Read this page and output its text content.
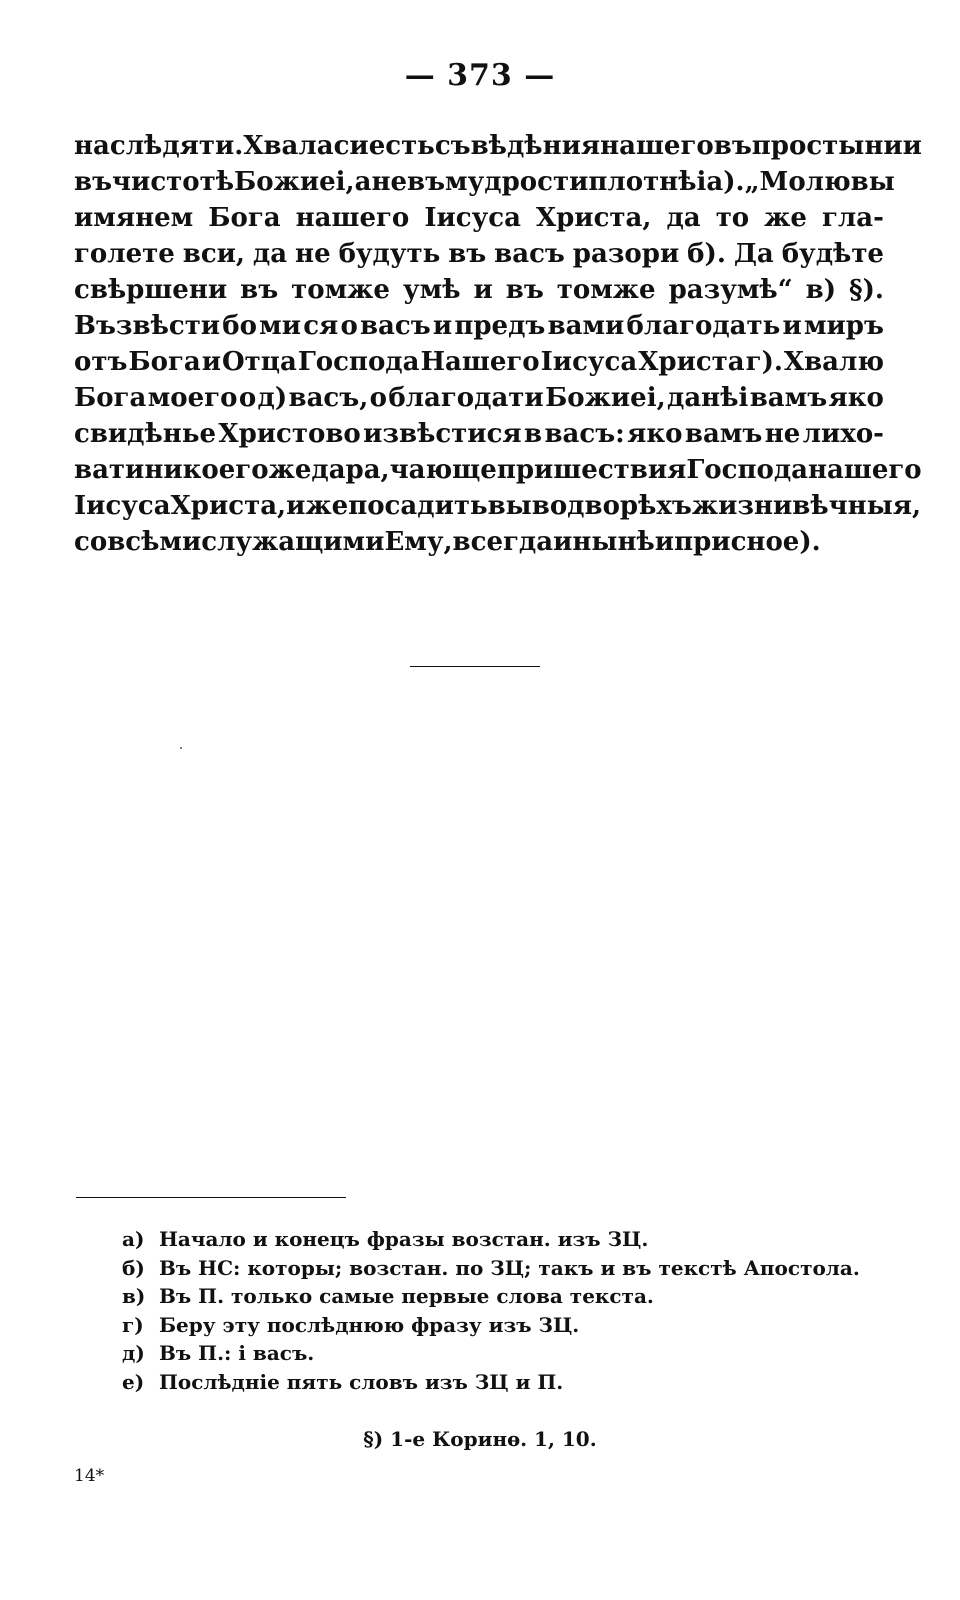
— 373 —
наслѣдяти. Хвала си есть съвѣдѣния нашего въ простыни и
въ чистотѣ Божиеі, а не въ мудрости плотнѣі а). „Молю вы
имянем Бога нашего Іисуса Христа, да то же гла-
голете вси, да не будуть въ васъ разори б). Да будѣте
свѣршени въ томже умѣ и въ томже разумѣ“ в) §).
Възвѣсти бо ми ся о васъ и предъ вами благодать и миръ
отъ Бога и Отца Господа Нашего Іисуса Христа г). Хвалю
Бога моего о д) васъ, о благодати Божиеі, данѣі вамъ яко
свидѣнье Христово извѣстися в васъ: яко вамъ не лихо-
вати никоего же дара, чающе пришествия Господа нашего
Іисуса Христа, иже посадить вы во дворѣхъ жизни вѣчныя,
со всѣми служащими Ему, всегда и нынѣ и присно е).
а) Начало и конецъ фразы возстан. изъ ЗЦ.
б) Въ НС: которы; возстан. по ЗЦ; такъ и въ текстѣ Апостола.
в) Въ П. только самые первые слова текста.
г) Беру эту послѣднюю фразу изъ ЗЦ.
д) Въ П.: і васъ.
е) Послѣдніе пять словъ изъ ЗЦ и П.
§) 1-е Коринѳ. 1, 10.
14*
